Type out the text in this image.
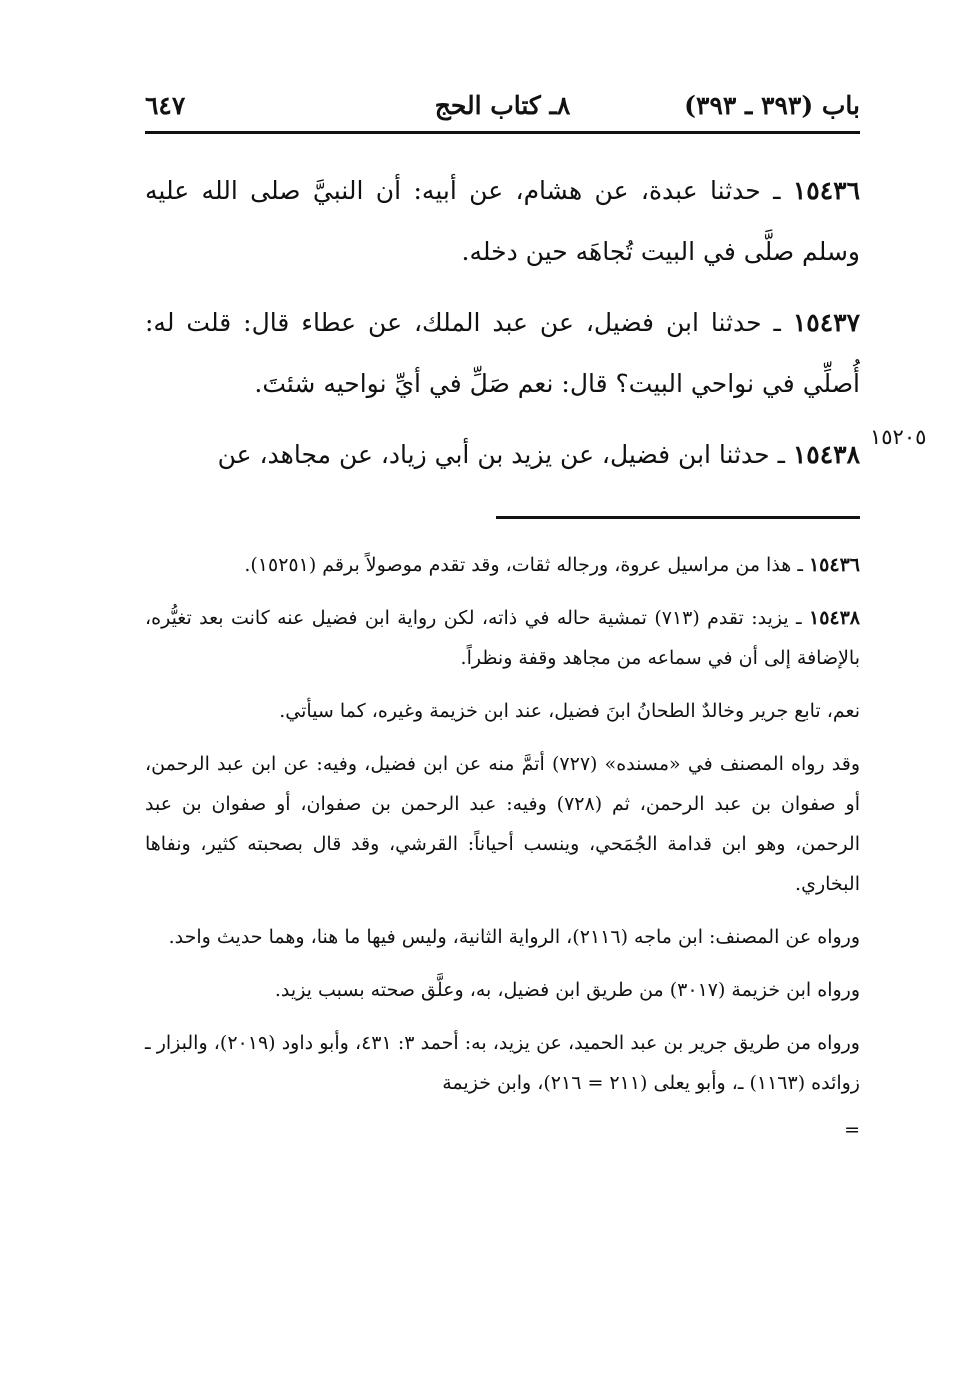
باب (٣٩٣ ـ ٣٩٣)
٨ـ كتاب الحج
٦٤٧

١٥٤٣٦ ـ حدثنا عبدة، عن هشام، عن أبيه: أن النبيَّ صلى الله عليه وسلم صلَّى في البيت تُجاهَه حين دخله.

١٥٤٣٧ ـ حدثنا ابن فضيل، عن عبد الملك، عن عطاء قال: قلت له: أُصلِّي في نواحي البيت؟ قال: نعم صَلِّ في أيِّ نواحيه شئتَ.

١٥٤٣٨ ـ حدثنا ابن فضيل، عن يزيد بن أبي زياد، عن مجاهد، عن

١٥٢٠٥

١٥٤٣٦ ـ هذا من مراسيل عروة، ورجاله ثقات، وقد تقدم موصولاً برقم (١٥٢٥١).

١٥٤٣٨ ـ يزيد: تقدم (٧١٣) تمشية حاله في ذاته، لكن رواية ابن فضيل عنه كانت بعد تغيُّره، بالإضافة إلى أن في سماعه من مجاهد وقفة ونظراً.

نعم، تابع جرير وخالدٌ الطحانُ ابنَ فضيل، عند ابن خزيمة وغيره، كما سيأتي.

وقد رواه المصنف في «مسنده» (٧٢٧) أتمَّ منه عن ابن فضيل، وفيه: عن ابن عبد الرحمن، أو صفوان بن عبد الرحمن، ثم (٧٢٨) وفيه: عبد الرحمن بن صفوان، أو صفوان بن عبد الرحمن، وهو ابن قدامة الجُمَحي، وينسب أحياناً: القرشي، وقد قال بصحبته كثير، ونفاها البخاري.

ورواه عن المصنف: ابن ماجه (٢١١٦)، الرواية الثانية، وليس فيها ما هنا، وهما حديث واحد.

ورواه ابن خزيمة (٣٠١٧) من طريق ابن فضيل، به، وعلَّق صحته بسبب يزيد.

ورواه من طريق جرير بن عبد الحميد، عن يزيد، به: أحمد ٣: ٤٣١، وأبو داود (٢٠١٩)، والبزار ـ زوائده (١١٦٣) ـ، وأبو يعلى (٢١١ = ٢١٦)، وابن خزيمة

=
